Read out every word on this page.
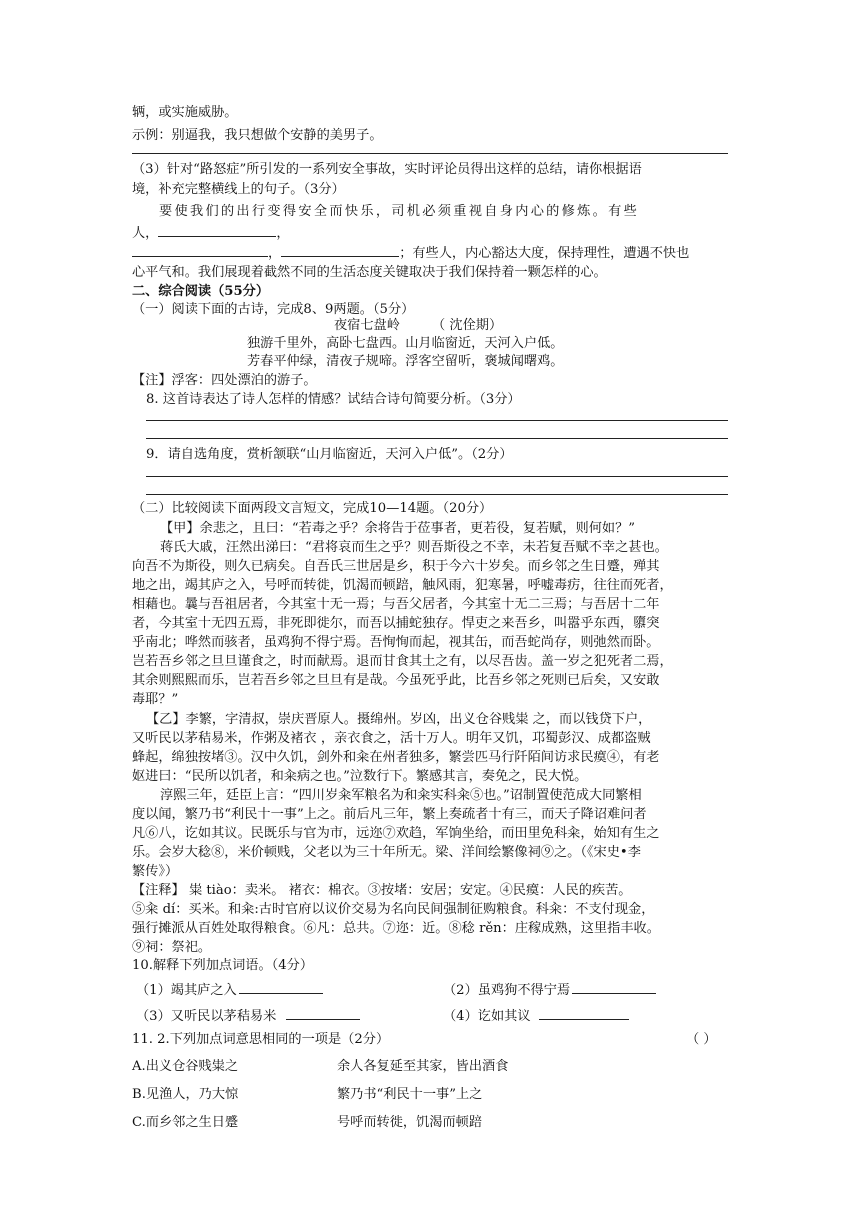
辆，或实施威胁。
示例：别逼我，我只想做个安静的美男子。
（3）针对“路怒症”所引发的一系列安全事故，实时评论员得出这样的总结，请你根据语
境，补充完整横线上的句子。（3分）
要使我们的出行变得安全而快乐，司机必须重视自身内心的修炼。有些
人，	，
，	；有些人，内心豁达大度，保持理性，遭遇不快也
心平气和。我们展现着截然不同的生活态度关键取决于我们保持着一颗怎样的心。
二、综合阅读（55分）
（一）阅读下面的古诗，完成8、9两题。（5分）
夜宿七盘岭 （ 沈佺期）
独游千里外，高卧七盘西。山月临窗近，天河入户低。
芳春平仲绿，清夜子规啼。浮客空留听，褒城闻曙鸡。
【注】浮客：四处漂泊的游子。
8. 这首诗表达了诗人怎样的情感？试结合诗句简要分析。（3分）
9．请自选角度，赏析颔联“山月临窗近，天河入户低”。（2分）
（二）比较阅读下面两段文言短文，完成10—14题。（20分）
【甲】余悲之，且曰：“若毒之乎？余将告于莅事者，更若役，复若赋，则何如？”
蒋氏大戚，汪然出涕曰：“君将哀而生之乎？则吾斯役之不幸，未若复吾赋不幸之甚也。
向吾不为斯役，则久已病矣。自吾氏三世居是乡，积于今六十岁矣。而乡邻之生日蹙，殚其
地之出，竭其庐之入，号呼而转徙，饥渴而顿踣，触风雨，犯寒暑，呼嘘毒疠，往往而死者，
相藉也。曩与吾祖居者，今其室十无一焉；与吾父居者，今其室十无二三焉；与吾居十二年
者，今其室十无四五焉，非死即徙尔，而吾以捕蛇独存。悍吏之来吾乡，叫嚣乎东西，隳突
乎南北；哗然而骇者，虽鸡狗不得宁焉。吾恂恂而起，视其缶，而吾蛇尚存，则弛然而卧。
岂若吾乡邻之旦旦谨食之，时而献焉。退而甘食其土之有，以尽吾齿。盖一岁之犯死者二焉，
其余则熙熙而乐，岂若吾乡邻之旦旦有是哉。今虽死乎此，比吾乡邻之死则已后矣，又安敢
毒耶？”
【乙】李繁，字清叔，崇庆晋原人。摄绵州。岁凶，出义仓谷贱粜 之，而以钱贷下户，
又听民以茅秸易米，作粥及褚衣 ，亲衣食之，活十万人。明年又饥，邛蜀彭汉、成都盗贼
蜂起，绵独按堵③。汉中久饥，剑外和籴在州者独多，繁尝匹马行阡陌间访求民瘼④，有老
妪进曰：“民所以饥者，和籴病之也。”泣数行下。繁感其言，奏免之，民大悦。
淳熙三年，廷臣上言：“四川岁籴军粮名为和籴实科籴⑤也。”诏制置使范成大同繁相
度以闻，繁乃书“利民十一事”上之。前后凡三年，繁上奏疏者十有三，而天子降诏难问者
凡⑥八，讫如其议。民既乐与官为市，远迩⑦欢趋，军饷坐给，而田里免科籴，始知有生之
乐。会岁大稔⑧，米价顿贱，父老以为三十年所无。梁、洋间绘繁像祠⑨之。（《宋史•李
繁传》）
【注释】 粜 tiào：卖米。 褚衣：棉衣。③按堵：安居；安定。④民瘼：人民的疾苦。
⑤籴 dí：买米。和籴:古时官府以议价交易为名向民间强制征购粮食。科籴：不支付现金，
强行摊派从百姓处取得粮食。⑥凡：总共。⑦迩：近。⑧稔 rěn：庄稼成熟，这里指丰收。
⑨祠：祭祀。
10.解释下列加点词语。（4分）
（1）竭其庐之入	（2）虽鸡狗不得宁焉
（3）又听民以茅秸易米	（4）讫如其议
11. 2.下列加点词意思相同的一项是（2分）	（ ）
A.出义仓谷贱粜之	余人各复延至其家，皆出酒食
B.见渔人，乃大惊	繁乃书“利民十一事”上之
C.而乡邻之生日蹙	号呼而转徙，饥渴而顿踣
